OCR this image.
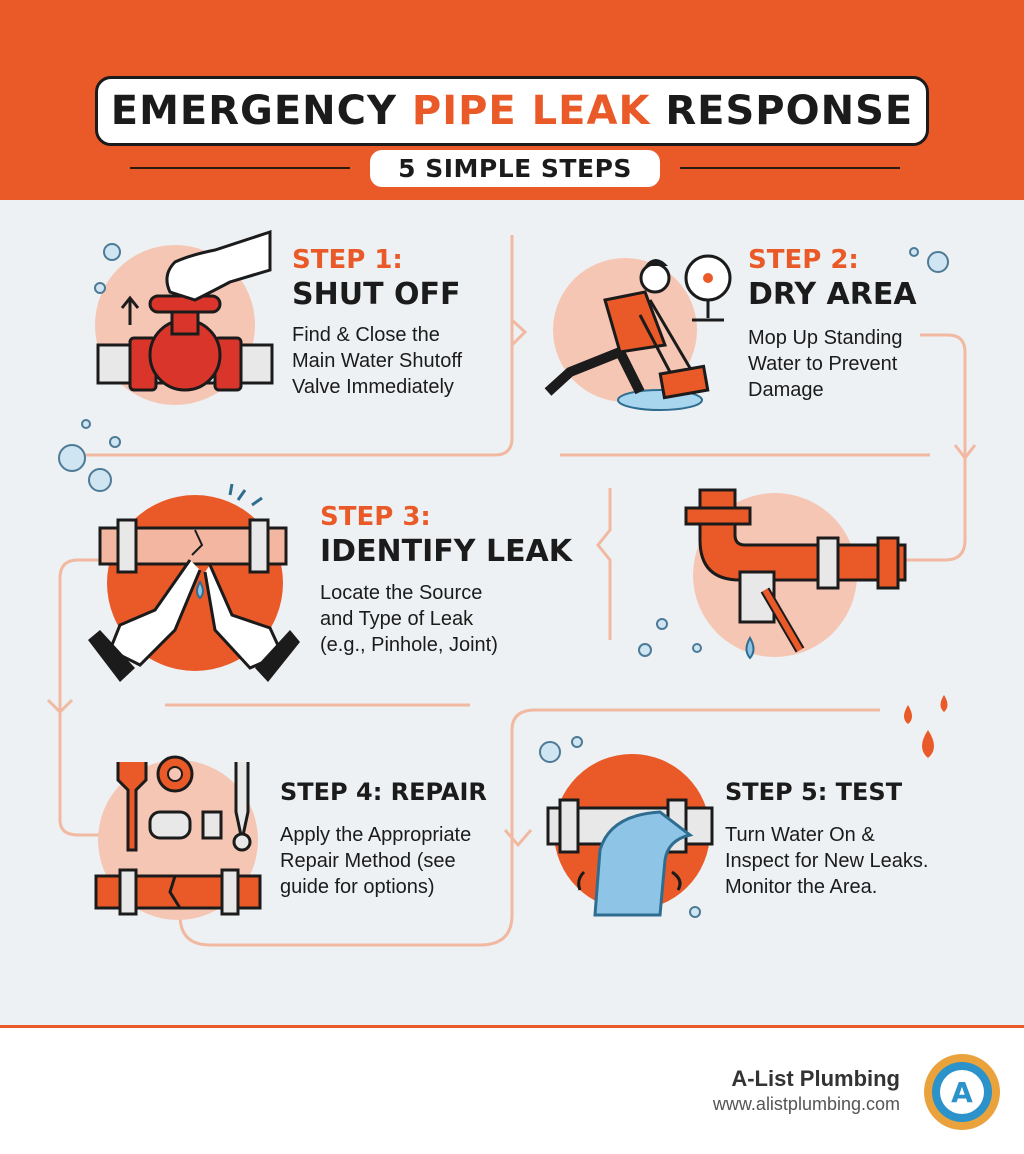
EMERGENCY PIPE LEAK RESPONSE
5 SIMPLE STEPS
STEP 1:
SHUT OFF
Find & Close the
Main Water Shutoff
Valve Immediately
STEP 2:
DRY AREA
Mop Up Standing
Water to Prevent
Damage
STEP 3:
IDENTIFY LEAK
Locate the Source
and Type of Leak
(e.g., Pinhole, Joint)
STEP 4: REPAIR
Apply the Appropriate
Repair Method (see
guide for options)
STEP 5: TEST
Turn Water On &
Inspect for New Leaks.
Monitor the Area.
A-List Plumbing
www.alistplumbing.com A
